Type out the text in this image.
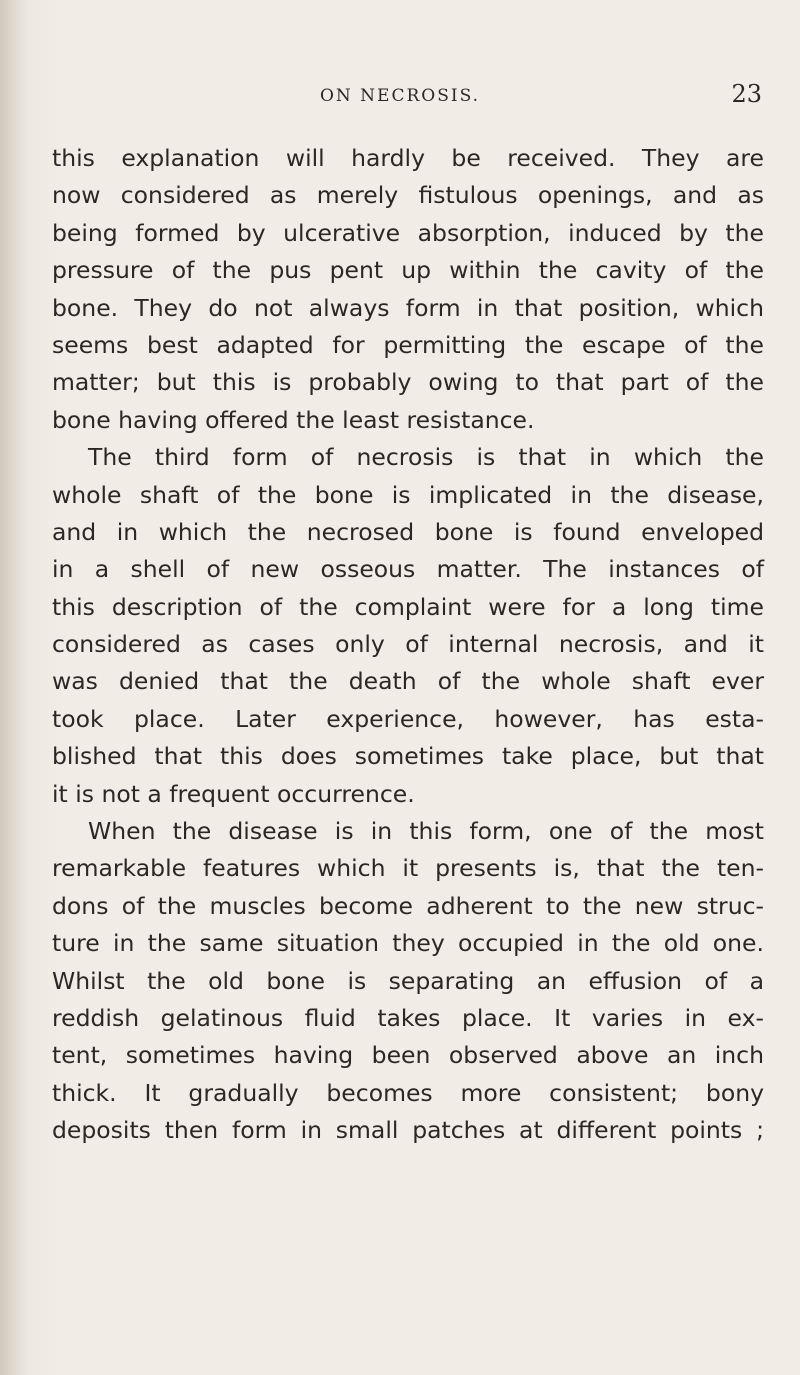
ON NECROSIS.	23
this explanation will hardly be received. They are
now considered as merely fistulous openings, and as
being formed by ulcerative absorption, induced by the
pressure of the pus pent up within the cavity of the
bone. They do not always form in that position, which
seems best adapted for permitting the escape of the
matter; but this is probably owing to that part of the
bone having offered the least resistance.
The third form of necrosis is that in which the
whole shaft of the bone is implicated in the disease,
and in which the necrosed bone is found enveloped
in a shell of new osseous matter. The instances of
this description of the complaint were for a long time
considered as cases only of internal necrosis, and it
was denied that the death of the whole shaft ever
took place. Later experience, however, has esta-
blished that this does sometimes take place, but that
it is not a frequent occurrence.
When the disease is in this form, one of the most
remarkable features which it presents is, that the ten-
dons of the muscles become adherent to the new struc-
ture in the same situation they occupied in the old one.
Whilst the old bone is separating an effusion of a
reddish gelatinous fluid takes place. It varies in ex-
tent, sometimes having been observed above an inch
thick. It gradually becomes more consistent; bony
deposits then form in small patches at different points ;
